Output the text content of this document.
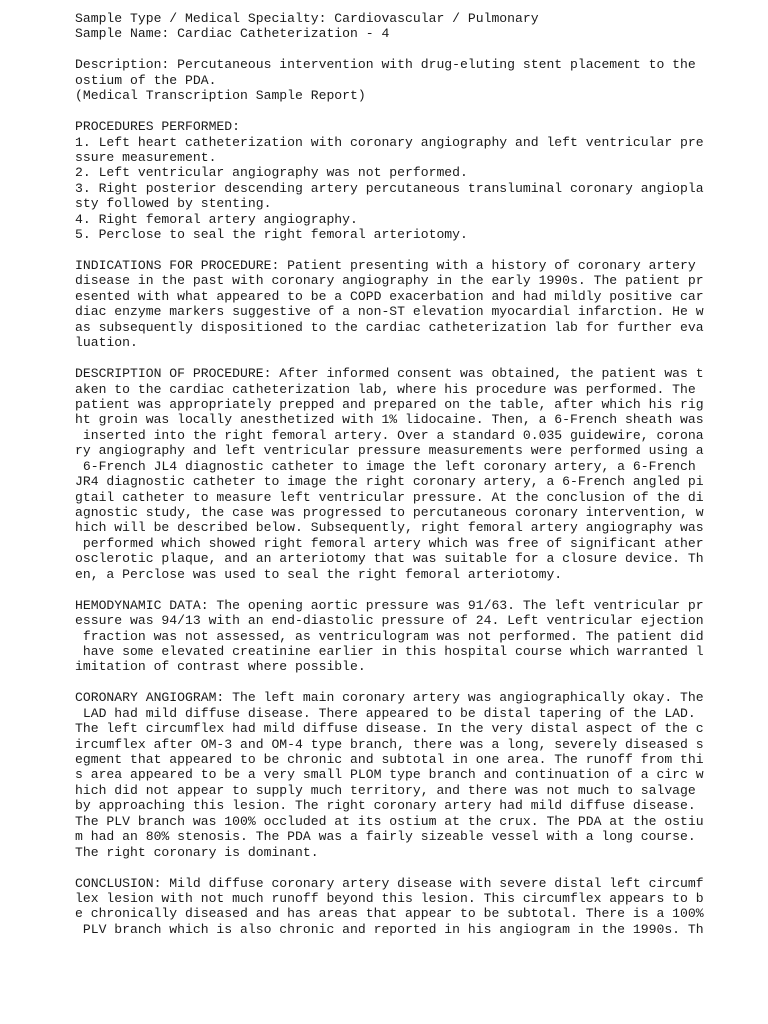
Sample Type / Medical Specialty: Cardiovascular / Pulmonary
Sample Name: Cardiac Catheterization - 4
Description: Percutaneous intervention with drug-eluting stent placement to the
ostium of the PDA.
(Medical Transcription Sample Report)
PROCEDURES PERFORMED:
1. Left heart catheterization with coronary angiography and left ventricular pre
ssure measurement.
2. Left ventricular angiography was not performed.
3. Right posterior descending artery percutaneous transluminal coronary angiopla
sty followed by stenting.
4. Right femoral artery angiography.
5. Perclose to seal the right femoral arteriotomy.
INDICATIONS FOR PROCEDURE: Patient presenting with a history of coronary artery
disease in the past with coronary angiography in the early 1990s. The patient pr
esented with what appeared to be a COPD exacerbation and had mildly positive car
diac enzyme markers suggestive of a non-ST elevation myocardial infarction. He w
as subsequently dispositioned to the cardiac catheterization lab for further eva
luation.
DESCRIPTION OF PROCEDURE: After informed consent was obtained, the patient was t
aken to the cardiac catheterization lab, where his procedure was performed. The
patient was appropriately prepped and prepared on the table, after which his rig
ht groin was locally anesthetized with 1% lidocaine. Then, a 6-French sheath was
inserted into the right femoral artery. Over a standard 0.035 guidewire, corona
ry angiography and left ventricular pressure measurements were performed using a
6-French JL4 diagnostic catheter to image the left coronary artery, a 6-French
JR4 diagnostic catheter to image the right coronary artery, a 6-French angled pi
gtail catheter to measure left ventricular pressure. At the conclusion of the di
agnostic study, the case was progressed to percutaneous coronary intervention, w
hich will be described below. Subsequently, right femoral artery angiography was
performed which showed right femoral artery which was free of significant ather
osclerotic plaque, and an arteriotomy that was suitable for a closure device. Th
en, a Perclose was used to seal the right femoral arteriotomy.
HEMODYNAMIC DATA: The opening aortic pressure was 91/63. The left ventricular pr
essure was 94/13 with an end-diastolic pressure of 24. Left ventricular ejection
fraction was not assessed, as ventriculogram was not performed. The patient did
have some elevated creatinine earlier in this hospital course which warranted l
imitation of contrast where possible.
CORONARY ANGIOGRAM: The left main coronary artery was angiographically okay. The
LAD had mild diffuse disease. There appeared to be distal tapering of the LAD.
The left circumflex had mild diffuse disease. In the very distal aspect of the c
ircumflex after OM-3 and OM-4 type branch, there was a long, severely diseased s
egment that appeared to be chronic and subtotal in one area. The runoff from thi
s area appeared to be a very small PLOM type branch and continuation of a circ w
hich did not appear to supply much territory, and there was not much to salvage
by approaching this lesion. The right coronary artery had mild diffuse disease.
The PLV branch was 100% occluded at its ostium at the crux. The PDA at the ostiu
m had an 80% stenosis. The PDA was a fairly sizeable vessel with a long course.
The right coronary is dominant.
CONCLUSION: Mild diffuse coronary artery disease with severe distal left circumf
lex lesion with not much runoff beyond this lesion. This circumflex appears to b
e chronically diseased and has areas that appear to be subtotal. There is a 100%
PLV branch which is also chronic and reported in his angiogram in the 1990s. Th
